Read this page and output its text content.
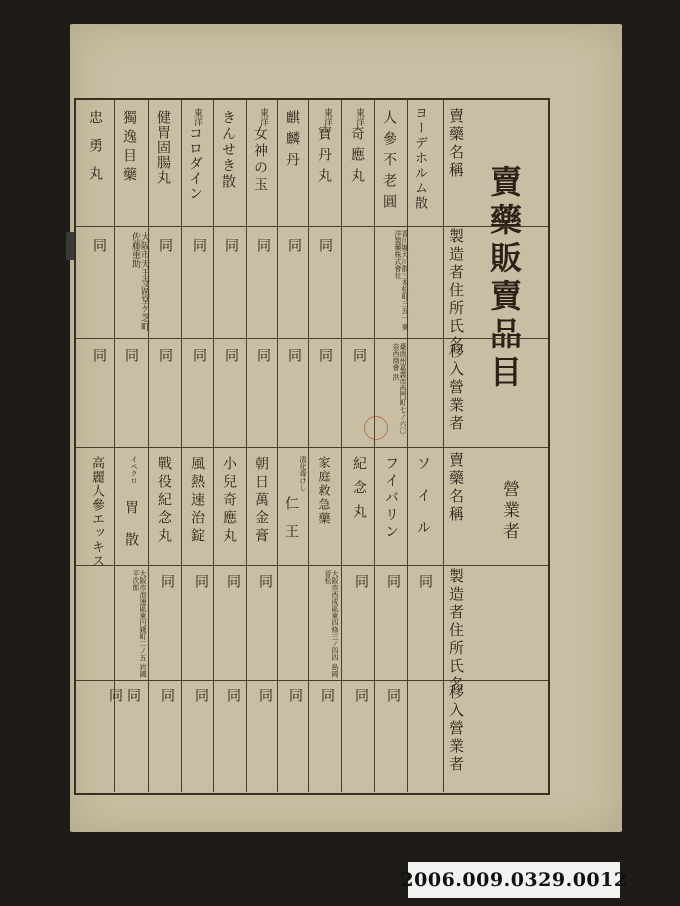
賣藥販賣品目
營業者
賣藥名稱
製造者住所氏名
移入營業者
賣藥名稱
製造者住所氏名
移入營業者
ヨーデホルム散
人參不老圓
東洋
奇應丸
東洋
寶丹丸
麒麟丹
東洋
女神の玉
きんせき散
東洋
コロダイン
健胃固腸丸
獨逸目藥
忠勇丸
香川縣大川郡三本松町三五一 東洋製藥株式會社
同 同
同
同
同
同
大阪市天王寺區堂ケ芝町 佐藤重助
同
臺南州嘉義市西門町七ノ六〇 奈西商會 洪
同
同
同
同
同
同
同
同
同
ソイル
フイバリン
紀念丸
家庭救急藥
清化毒けし
仁王
朝日萬金膏
小兒奇應丸
風熱速治錠
戰役紀念丸
イペクロ
胃散
高麗人參エッキス
同
同
同
大阪市西成區東四條三ノ四四 島岡晉松
同
同
同
同
大阪市浪速區東円錢町二ノ五 岩國平次郎
同
同
同
同
同
同
同
同
同
同
2006.009.0329.0012
